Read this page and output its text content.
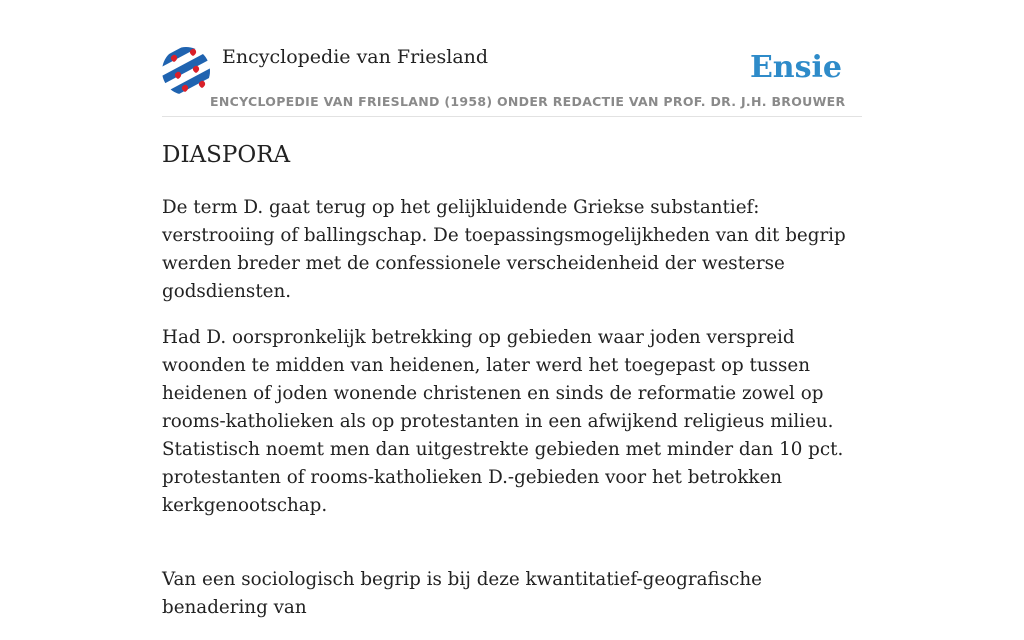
Encyclopedie van Friesland	Ensie
ENCYCLOPEDIE VAN FRIESLAND (1958) ONDER REDACTIE VAN PROF. DR. J.H. BROUWER
DIASPORA

De term D. gaat terug op het gelijkluidende Griekse substantief: verstrooiing of ballingschap. De toepassingsmogelijkheden van dit begrip werden breder met de confessionele verscheidenheid der westerse godsdiensten.

Had D. oorspronkelijk betrekking op gebieden waar joden verspreid woonden te midden van heidenen, later werd het toegepast op tussen heidenen of joden wonende christenen en sinds de reformatie zowel op rooms-katholieken als op protestanten in een afwijkend religieus milieu. Statistisch noemt men dan uitgestrekte gebieden met minder dan 10 pct. protestanten of rooms-katholieken D.-gebieden voor het betrokken kerkgenootschap.

Van een sociologisch begrip is bij deze kwantitatief-geografische benadering van
